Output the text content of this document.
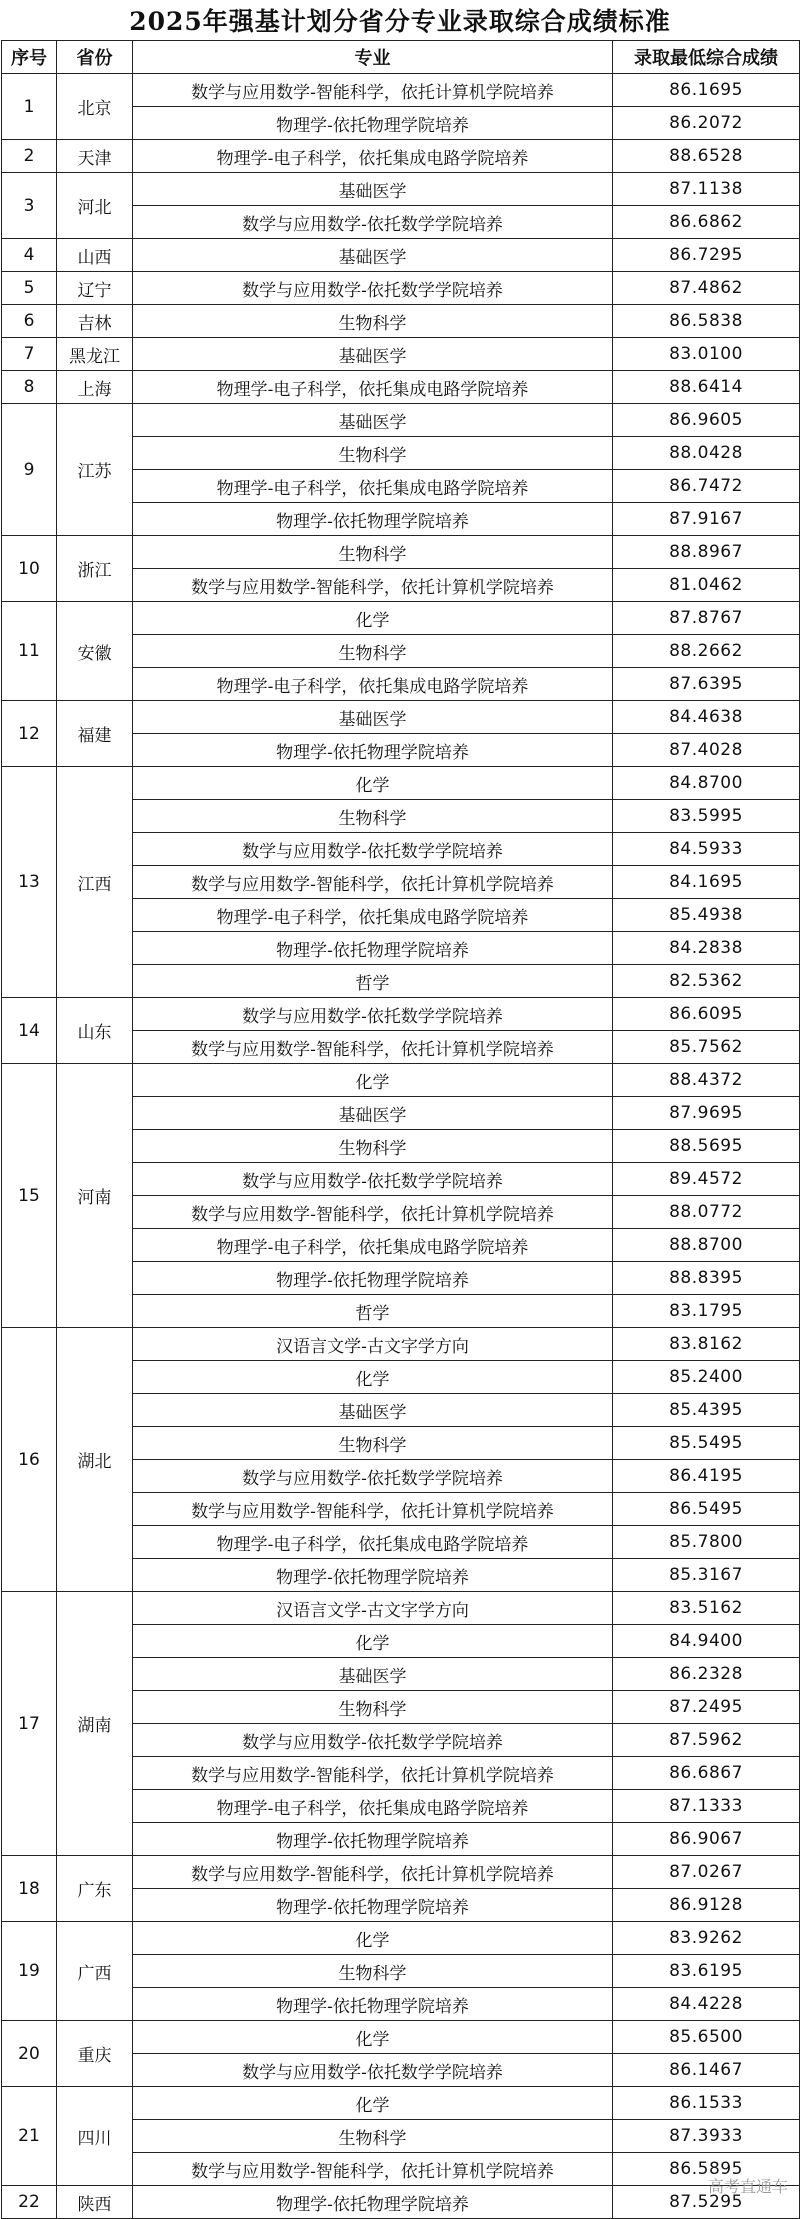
2025年强基计划分省分专业录取综合成绩标准
序号	省份	专业	录取最低综合成绩
1	北京	数学与应用数学-智能科学，依托计算机学院培养	86.1695
		物理学-依托物理学院培养	86.2072
2	天津	物理学-电子科学，依托集成电路学院培养	88.6528
3	河北	基础医学	87.1138
		数学与应用数学-依托数学学院培养	86.6862
4	山西	基础医学	86.7295
5	辽宁	数学与应用数学-依托数学学院培养	87.4862
6	吉林	生物科学	86.5838
7	黑龙江	基础医学	83.0100
8	上海	物理学-电子科学，依托集成电路学院培养	88.6414
9	江苏	基础医学	86.9605
		生物科学	88.0428
		物理学-电子科学，依托集成电路学院培养	86.7472
		物理学-依托物理学院培养	87.9167
10	浙江	生物科学	88.8967
		数学与应用数学-智能科学，依托计算机学院培养	81.0462
11	安徽	化学	87.8767
		生物科学	88.2662
		物理学-电子科学，依托集成电路学院培养	87.6395
12	福建	基础医学	84.4638
		物理学-依托物理学院培养	87.4028
13	江西	化学	84.8700
		生物科学	83.5995
		数学与应用数学-依托数学学院培养	84.5933
		数学与应用数学-智能科学，依托计算机学院培养	84.1695
		物理学-电子科学，依托集成电路学院培养	85.4938
		物理学-依托物理学院培养	84.2838
		哲学	82.5362
14	山东	数学与应用数学-依托数学学院培养	86.6095
		数学与应用数学-智能科学，依托计算机学院培养	85.7562
15	河南	化学	88.4372
		基础医学	87.9695
		生物科学	88.5695
		数学与应用数学-依托数学学院培养	89.4572
		数学与应用数学-智能科学，依托计算机学院培养	88.0772
		物理学-电子科学，依托集成电路学院培养	88.8700
		物理学-依托物理学院培养	88.8395
		哲学	83.1795
16	湖北	汉语言文学-古文字学方向	83.8162
		化学	85.2400
		基础医学	85.4395
		生物科学	85.5495
		数学与应用数学-依托数学学院培养	86.4195
		数学与应用数学-智能科学，依托计算机学院培养	86.5495
		物理学-电子科学，依托集成电路学院培养	85.7800
		物理学-依托物理学院培养	85.3167
17	湖南	汉语言文学-古文字学方向	83.5162
		化学	84.9400
		基础医学	86.2328
		生物科学	87.2495
		数学与应用数学-依托数学学院培养	87.5962
		数学与应用数学-智能科学，依托计算机学院培养	86.6867
		物理学-电子科学，依托集成电路学院培养	87.1333
		物理学-依托物理学院培养	86.9067
18	广东	数学与应用数学-智能科学，依托计算机学院培养	87.0267
		物理学-依托物理学院培养	86.9128
19	广西	化学	83.9262
		生物科学	83.6195
		物理学-依托物理学院培养	84.4228
20	重庆	化学	85.6500
		数学与应用数学-依托数学学院培养	86.1467
21	四川	化学	86.1533
		生物科学	87.3933
		数学与应用数学-智能科学，依托计算机学院培养	86.5895
22	陕西	物理学-依托物理学院培养	87.5295
高考直通车
